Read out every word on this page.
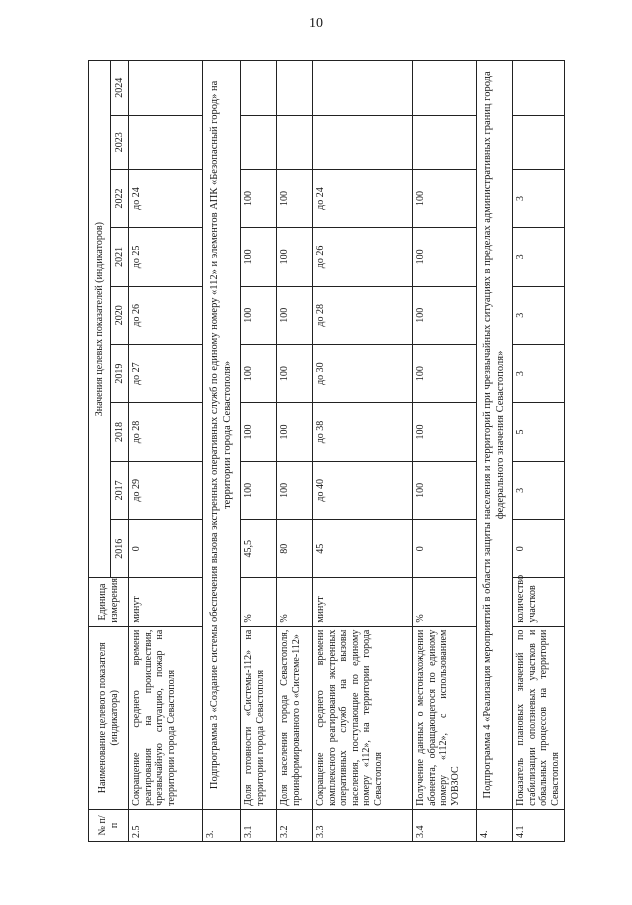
10
№ п/п	Наименование целевого показателя (индикатора)	Единица измерения	Значения целевых показателей (индикаторов)								
			2016	2017	2018	2019	2020	2021	2022	2023	2024
2.5	Сокращение среднего времени реагирования на происшествия, чрезвычайную ситуацию, пожар на территории города Севастополя	минут	0	до 29	до 28	до 27	до 26	до 25	до 24		
3.	Подпрограмма 3 «Создание системы обеспечения вызова экстренных оперативных служб по единому номеру «112» и элементов АПК «Безопасный город» на территории города Севастополя»										
3.1	Доля готовности «Системы-112» на территории города Севастополя	%	45,5	100	100	100	100	100	100		
3.2	Доля населения города Севастополя, проинформированного о «Системе-112»	%	80	100	100	100	100	100	100		
3.3	Сокращение среднего времени комплексного реагирования экстренных оперативных служб на вызовы населения, поступающие по единому номеру «112», на территории города Севастополя	минут	45	до 40	до 38	до 30	до 28	до 26	до 24		
3.4	Получение данных о местонахождении абонента, обращающегося по единому номеру «112», с использованием УОВЗОС	%	0	100	100	100	100	100	100		
4.	Подпрограмма 4 «Реализация мероприятий в области защиты населения и территорий при чрезвычайных ситуациях в пределах административных границ города федерального значения Севастополя»										
4.1	Показатель плановых значений по стабилизации оползневых участков и обвальных процессов на территории Севастополя	количество участков	0	3	5	3	3	3	3		
